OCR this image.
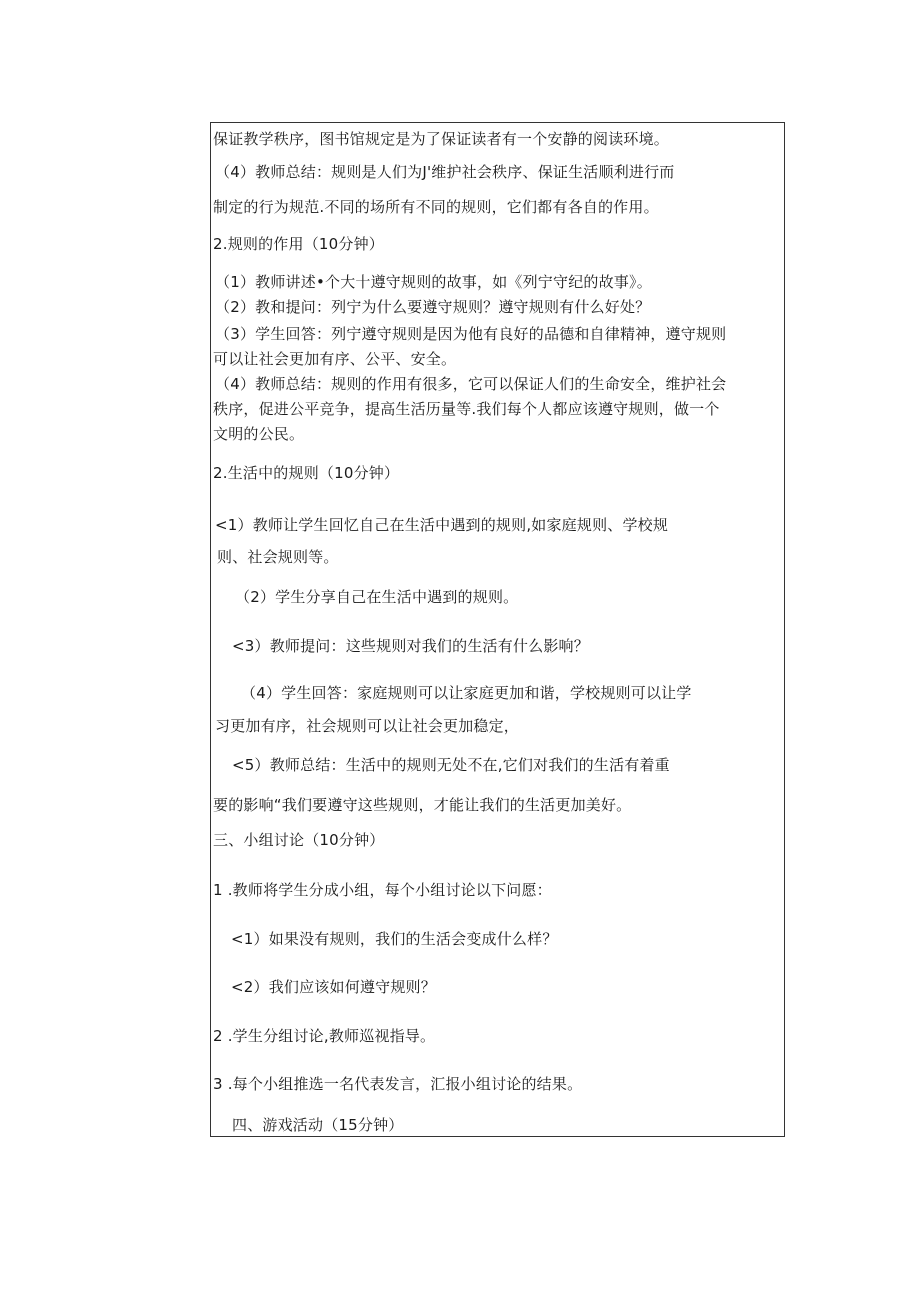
保证教学秩序，图书馆规定是为了保证读者有一个安静的阅读环境。
（4）教师总结：规则是人们为J'维护社会秩序、保证生活顺利进行而
制定的行为规范.不同的场所有不同的规则，它们都有各自的作用。
2.规则的作用（10分钟）
（1）教师讲述•个大十遵守规则的故事，如《列宁守纪的故事》。
（2）教和提问：列宁为什么要遵守规则？遵守规则有什么好处？
（3）学生回答：列宁遵守规则是因为他有良好的品德和自律精神，遵守规则
可以让社会更加有序、公平、安全。
（4）教师总结：规则的作用有很多，它可以保证人们的生命安全，维护社会
秩序，促进公平竞争，提高生活历量等.我们每个人都应该遵守规则，做一个
文明的公民。
2.生活中的规则（10分钟）
<1）教师让学生回忆自己在生活中遇到的规则,如家庭规则、学校规
则、社会规则等。
（2）学生分享自己在生活中遇到的规则。
<3）教师提问：这些规则对我们的生活有什么影响？
（4）学生回答：家庭规则可以让家庭更加和谐，学校规则可以让学
习更加有序，社会规则可以让社会更加稳定，
<5）教师总结：生活中的规则无处不在,它们对我们的生活有着重
要的影响“我们要遵守这些规则，才能让我们的生活更加美好。
三、小组讨论（10分钟）
1 .教师将学生分成小组，每个小组讨论以下问愿：
<1）如果没有规则，我们的生活会变成什么样？
<2）我们应该如何遵守规则？
2 .学生分组讨论,教师巡视指导。
3 .每个小组推选一名代表发言，汇报小组讨论的结果。
四、游戏活动（15分钟）
